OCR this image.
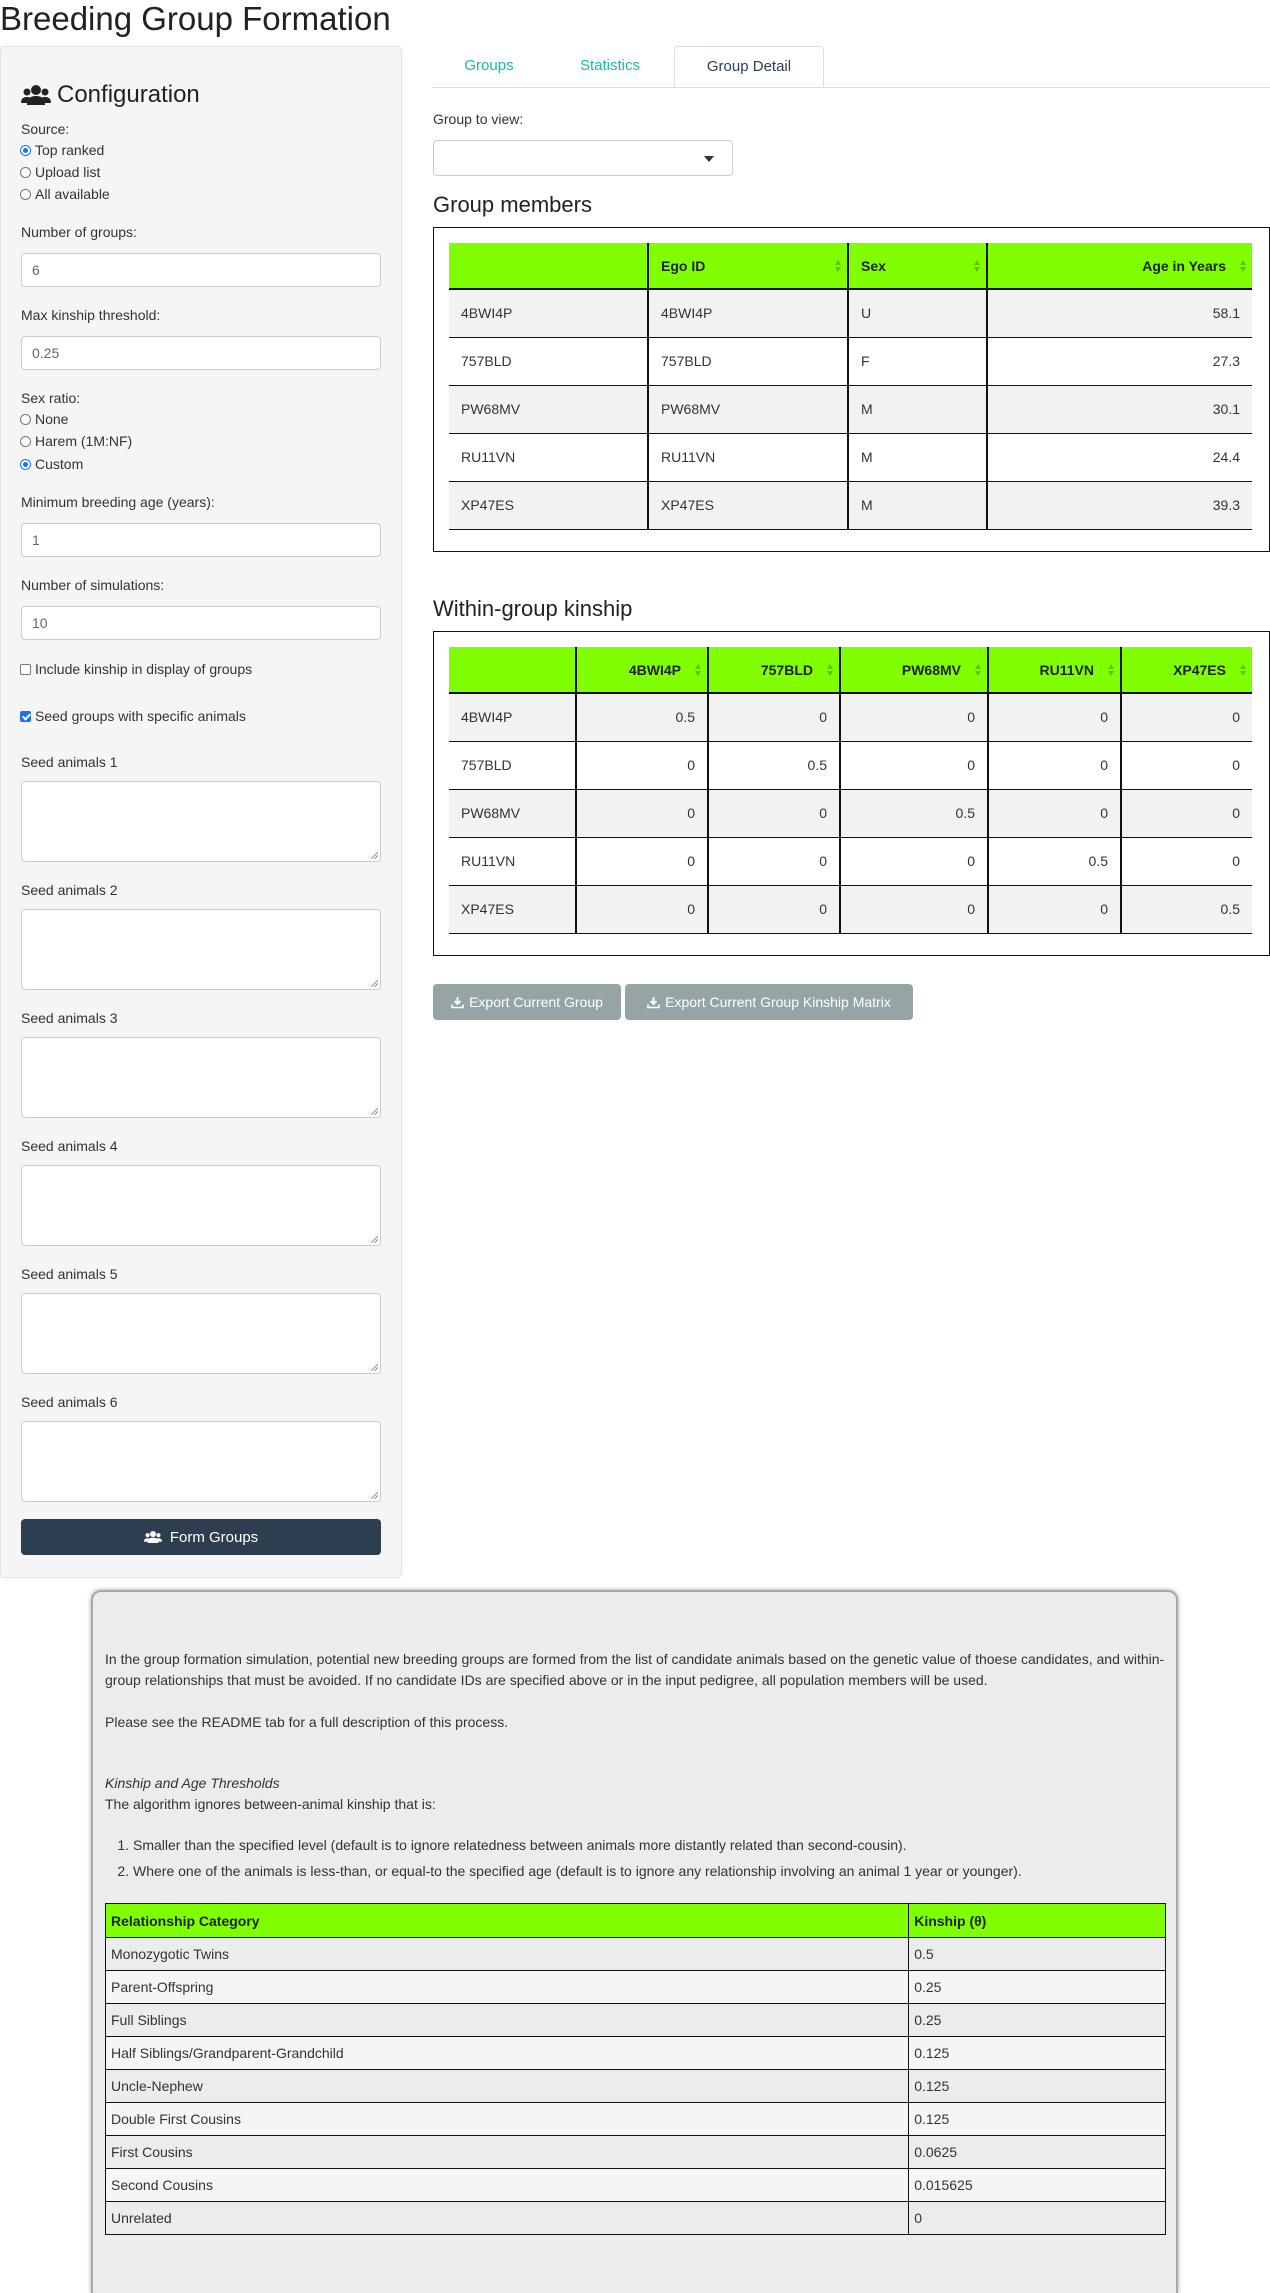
Breeding Group Formation
Configuration
Source:
Top ranked
Upload list
All available
Number of groups:
6
Max kinship threshold:
0.25
Sex ratio:
None
Harem (1M:NF)
Custom
Minimum breeding age (years):
1
Number of simulations:
10
Include kinship in display of groups
Seed groups with specific animals
Seed animals 1
Seed animals 2
Seed animals 3
Seed animals 4
Seed animals 5
Seed animals 6
Form Groups
Groups	Statistics	Group Detail
Group to view:
Group members
	Ego ID	Sex	Age in Years

4BWI4P	4BWI4P	U	58.1
757BLD	757BLD	F	27.3
PW68MV	PW68MV	M	30.1
RU11VN	RU11VN	M	24.4
XP47ES	XP47ES	M	39.3
Within-group kinship
	4BWI4P	757BLD	PW68MV	RU11VN	XP47ES

4BWI4P	0.5	0	0	0	0
757BLD	0	0.5	0	0	0
PW68MV	0	0	0.5	0	0
RU11VN	0	0	0	0.5	0
XP47ES	0	0	0	0	0.5
Export Current Group	Export Current Group Kinship Matrix

In the group formation simulation, potential new breeding groups are formed from the list of candidate animals based on the genetic value of thoese candidates, and within-group relationships that must be avoided. If no candidate IDs are specified above or in the input pedigree, all population members will be used.

Please see the README tab for a full description of this process.

Kinship and Age Thresholds

The algorithm ignores between-animal kinship that is:

1. Smaller than the specified level (default is to ignore relatedness between animals more distantly related than second-cousin).
2. Where one of the animals is less-than, or equal-to the specified age (default is to ignore any relationship involving an animal 1 year or younger).
Relationship Category	Kinship (θ)
Monozygotic Twins	0.5
Parent-Offspring	0.25
Full Siblings	0.25
Half Siblings/Grandparent-Grandchild	0.125
Uncle-Nephew	0.125
Double First Cousins	0.125
First Cousins	0.0625
Second Cousins	0.015625
Unrelated	0
